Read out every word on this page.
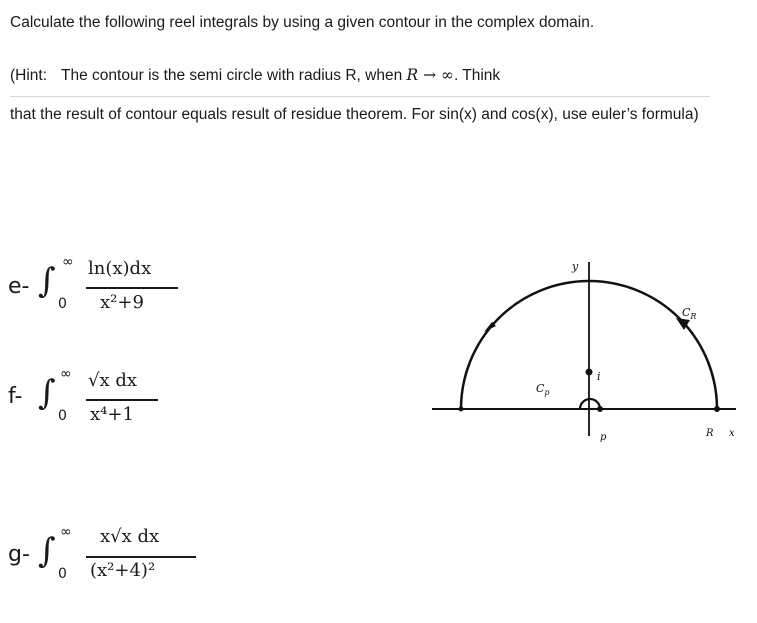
Calculate the following reel integrals by using a given contour in the complex domain.
(Hint: The contour is the semi circle with radius R, when R → ∞. Think
that the result of contour equals result of residue theorem. For sin(x) and cos(x), use euler’s formula)
e- ∫ ∞
0
ln(x)dx
x²+9
f- ∫ ∞
0
√x dx
x⁴+1
g- ∫ ∞
0
x√x dx
(x²+4)²
y
i
$C_R$
$C_p$
p	R x
